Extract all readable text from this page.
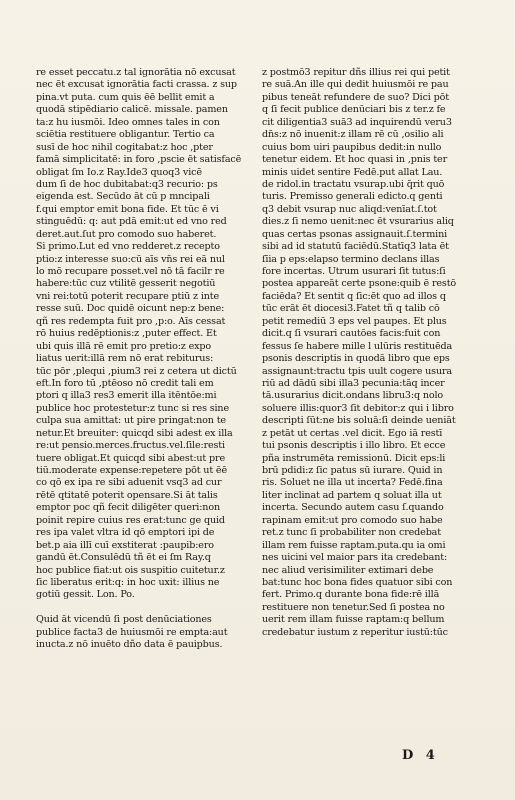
re esset peccatu.z tal ignorātia nō excusat
nec ēt excusat ignorātia facti crassa. z sup
pina.vt puta. cum quis ēē bellit emit a
quodā stipēdiario calicē. missale. pamen
ta:z hu iusmōi. Ideo omnes tales in con
sciētia restituere obligantur. Tertio ca
susī de hoc nihil cogitabat:z hoc ,pter
famā simplicitatē: in foro ,pscie ēt satisfacē
obligat ſm Io.z Ray.Ide3 quoq3 vicē
dum ſi de hoc dubitabat:q3 recurio: ps
eigenda est. Secūdo āt cū p mncipali
f.qui emptor emit bona fide. Et tūc ē vi
stinguēdū: q: aut pdā emit:ut ed vno red
deret.aut.ſut pro comodo suo haberet.
Si primo.Lut ed vno redderet.z recepto
ptio:z interesse suo:cū aīs vn̄s rei eā nul
lo mō recupare posset.vel nō tā facilr re
habere:tūc cuz vtilitē gesserit negotiū
vni rei:totū poterit recupare ptiū z inte
resse suū. Doc quidē oicunt nep:z bene:
qñ res redempta fuit pro ,p:o. Aīs cessat
rō huius redēptionis:z ,puter effect. Et
ubi quis illā rē emit pro pretio:z expo
liatus uerit:illā rem nō erat rebiturus:
tūc pōr ,plequi ,pium3 rei z cetera ut dictū
eft.In foro tū ,ptēoso nō credit tali em
ptori q illa3 res3 emerit illa itēntōe:mi
publice hoc protestetur:z tunc si res sine
culpa sua amittat: ut pire pringat:non te
netur.Et breuiter: quicqd sibi adest ex illa
re:ut pensio.merces.fructus.vel.ſile:resti
tuere obligat.Et quicqd sibi abest:ut pre
tiū.moderate expense:repetere pōt ut ēē
co qō ex ipa re sibi aduenit vsq3 ad cur
rētē qtitatē poterit opensare.Si āt talis
emptor poc qñ fecit diligēter queri:non
poinit repire cuius res erat:tunc ge quid
res ipa valet vltra id qō emptori ipi de
bet.p aia illī cuī exstiterat :paupib:ero
gandū ēt.Consulēdū tñ ēt ei ſm Ray.q
hoc publice fiat:ut ois suspitio cuitetur.z
ſic liberatus erit:q: in hoc uxit: illius ne
gotiū gessit. Lon. Po.
Quid āt vicendū ſi post denūciationes
publice facta3 de huiusmōi re empta:aut
inucta.z nō inuēto dño data ē pauipbus.
z postmō3 repitur dñs illius rei qui petit
re suā.An ille qui dedit huiusmōi re pau
pibus teneāt refundere de suo? Dici pōt
q ſi fecit publice denūciari bis z ter.z fe
cit diligentia3 suā3 ad inquirendū veru3
dn̄s:z nō inuenit:z illam rē cū ,osilio ali
cuius bom uiri paupibus dedit:in nullo
tenetur eidem. Et hoc quasi in ,pnis ter
minis uidet sentire Fedē.put allat Lau.
de ridol.in tractatu vsurap.ubi q̄rit quō
turis. Premisso generali edicto.q genti
q3 debit vsurap nuc aliqd:venīat.ſ.tot
dies.z ſi nemo uenit:nec ēt vsurarius aliq
quas certas psonas assignauit.ſ.termini
sibi ad id statutū faciēdū.Statīq3 lata ēt
ſīia p eps:elapso termino declans illas
fore incertas. Utrum usurari ſit tutus:ſi
postea appareāt certe psone:quib ē restō
faciēda? Et sentit q ſic:ēt quo ad illos q
tūc erāt ēt diocesi3.Fatet tñ q talib cō
petit remediū 3 eps vel paupes. Et plus
dicit.q ſi vsurari cautōes facis:fuit con
fessus ſe habere mille l ulūris restituēda
psonis descriptis in quodā libro que eps
assignaunt:tractu tpis uult cogere usura
riū ad dādū sibi illa3 pecunia:tāq incer
tā.usurarius dicit.ondans libru3:q nolo
soluere illis:quor3 ſit debitor:z qui i libro
descripti ſūt:ne bis soluā:ſi deinde ueniāt
z petāt ut certas .vel dicit. Ego iā restī
tui psonis descriptis i illo libro. Et ecce
pña instrumēta remissionū. Dicit eps:li
brū pdidi:z ſic patus sū iurare. Quid in
ris. Soluet ne illa ut incerta? Fedē.fina
liter inclinat ad partem q soluat illa ut
incerta. Secundo autem casu ſ.quando
rapinam emit:ut pro comodo suo habe
ret.z tunc ſi probabiliter non credebat
illam rem fuisse raptam.puta.qu ia omi
nes uicini vel maior pars ita credebant:
nec aliud verisimiliter extimari debe
bat:tunc hoc bona fides quatuor sibi con
fert. Primo.q durante bona fide:rē illā
restituere non tenetur.Sed ſi postea no
uerit rem illam fuisse raptam:q bellum
credebatur iustum z reperitur iustū:tūc
D 4
